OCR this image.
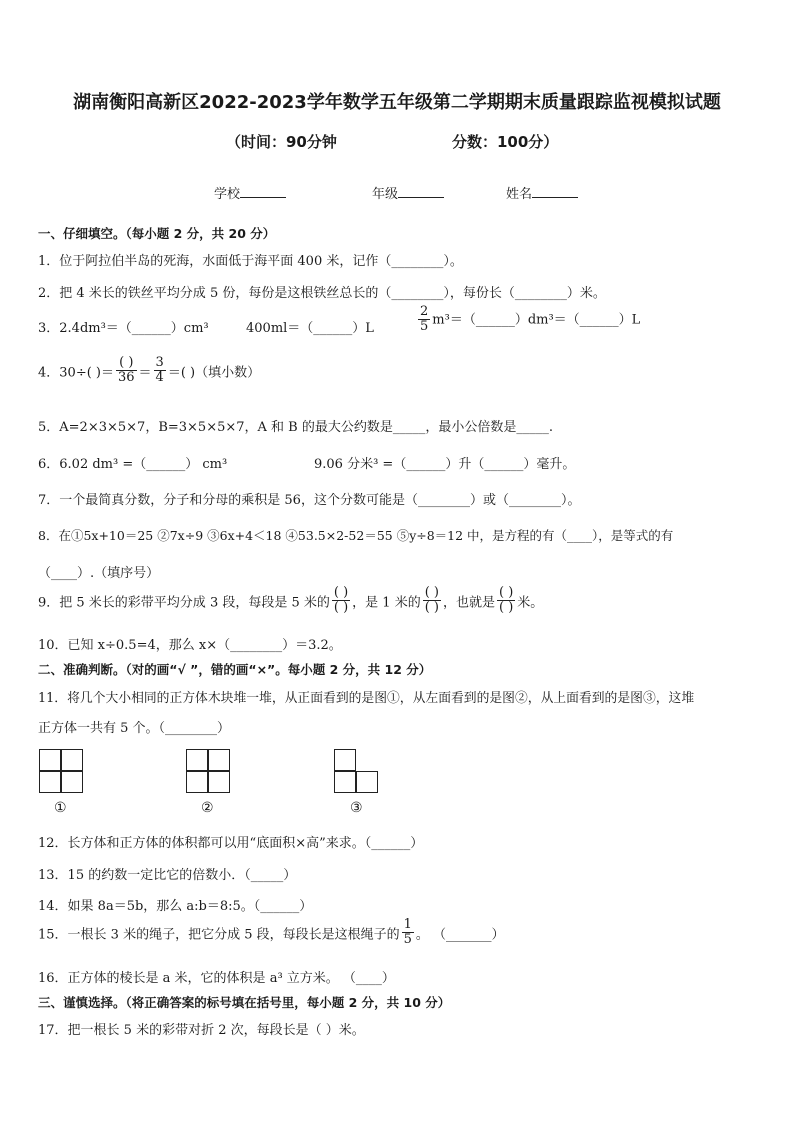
湖南衡阳高新区2022-2023学年数学五年级第二学期期末质量跟踪监视模拟试题
（时间：90分钟	分数：100分）
学校	年级	姓名
一、仔细填空。（每小题 2 分，共 20 分）
1．位于阿拉伯半岛的死海，水面低于海平面 400 米，记作（________）。
2．把 4 米长的铁丝平均分成 5 份，每份是这根铁丝总长的（________），每份长（________）米。
3．2.4dm³＝（______）cm³	400ml＝（______）L	$\frac{2}{5}$ m³＝（______）dm³＝（______）L
4．30÷( )＝ $\frac{( )}{36} = \frac{3}{4}$ ＝( )（填小数）
5．A=2×3×5×7，B=3×5×5×7，A 和 B 的最大公约数是_____，最小公倍数是_____.
6．6.02 dm³ =（______） cm³	9.06 分米³ =（______）升（______）毫升。
7．一个最简真分数，分子和分母的乘积是 56，这个分数可能是（________）或（________）。
8．在①5x+10＝25 ②7x÷9 ③6x+4＜18 ④53.5×2-52＝55 ⑤y÷8＝12 中，是方程的有（____），是等式的有
（____）.（填序号）
9．把 5 米长的彩带平均分成 3 段，每段是 5 米的 $\frac{( )}{( )}$ ，是 1 米的 $\frac{( )}{( )}$ ，也就是 $\frac{( )}{( )}$ 米。
10．已知 x÷0.5=4，那么 x×（________）＝3.2。
二、准确判断。（对的画“√ ”，错的画“×”。每小题 2 分，共 12 分）
11．将几个大小相同的正方体木块堆一堆，从正面看到的是图①，从左面看到的是图②，从上面看到的是图③，这堆
正方体一共有 5 个。（________）
①	②	③
12．长方体和正方体的体积都可以用“底面积×高”来求。（______）
13．15 的约数一定比它的倍数小．（_____）
14．如果 8a＝5b，那么 a:b＝8:5。（______）
15．一根长 3 米的绳子，把它分成 5 段，每段长是这根绳子的 $\frac{1}{5}$ 。 （_______）
16．正方体的棱长是 a 米，它的体积是 a³ 立方米。 （____）
三、谨慎选择。（将正确答案的标号填在括号里，每小题 2 分，共 10 分）
17．把一根长 5 米的彩带对折 2 次，每段长是（ ）米。
